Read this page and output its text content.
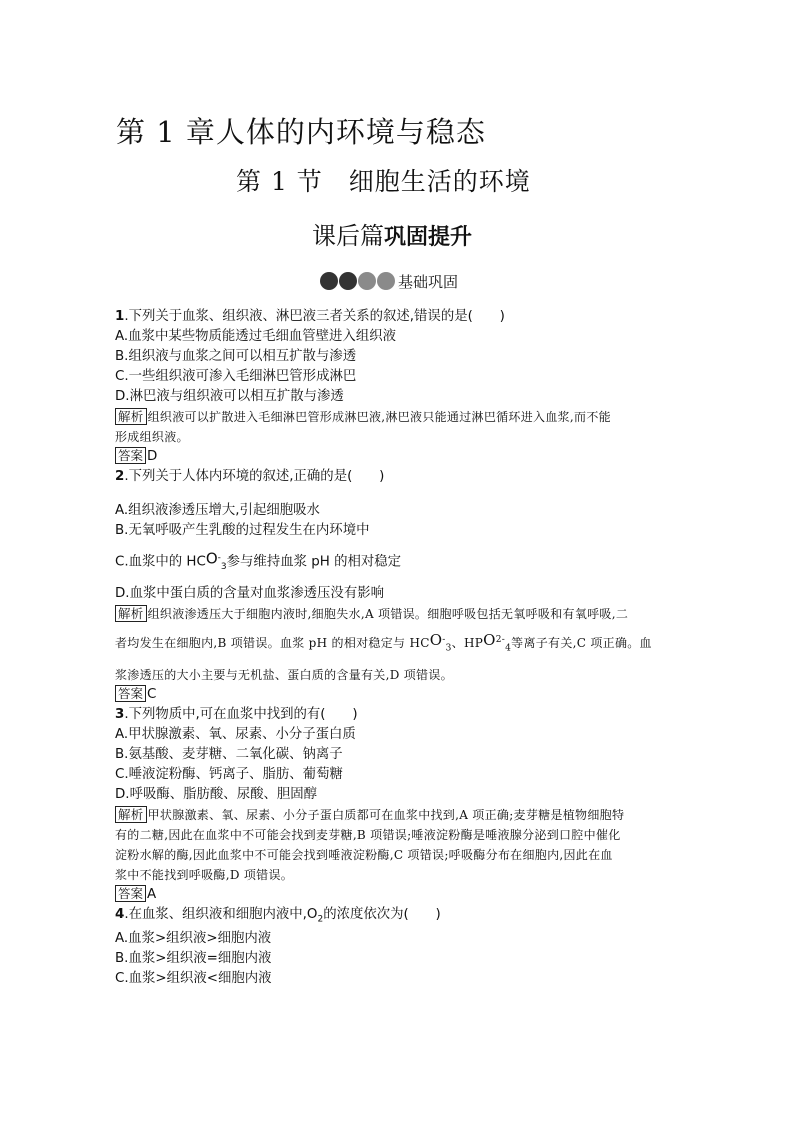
第 1 章人体的内环境与稳态
第 1 节　细胞生活的环境
课后篇巩固提升
基础巩固
1.下列关于血浆、组织液、淋巴液三者关系的叙述,错误的是(　　)
A.血浆中某些物质能透过毛细血管壁进入组织液
B.组织液与血浆之间可以相互扩散与渗透
C.一些组织液可渗入毛细淋巴管形成淋巴
D.淋巴液与组织液可以相互扩散与渗透
解析 组织液可以扩散进入毛细淋巴管形成淋巴液,淋巴液只能通过淋巴循环进入血浆,而不能
形成组织液。
答案 D
2.下列关于人体内环境的叙述,正确的是(　　)
A.组织液渗透压增大,引起细胞吸水
B.无氧呼吸产生乳酸的过程发生在内环境中
C.血浆中的 $HCO^-_3$参与维持血浆 pH 的相对稳定
D.血浆中蛋白质的含量对血浆渗透压没有影响
解析 组织液渗透压大于细胞内液时,细胞失水,A 项错误。细胞呼吸包括无氧呼吸和有氧呼吸,二
者均发生在细胞内,B 项错误。血浆 pH 的相对稳定与 $HCO^-_3$、$HPO^{2-}_4$等离子有关,C 项正确。血
浆渗透压的大小主要与无机盐、蛋白质的含量有关,D 项错误。
答案 C
3.下列物质中,可在血浆中找到的有(　　)
A.甲状腺激素、氧、尿素、小分子蛋白质
B.氨基酸、麦芽糖、二氧化碳、钠离子
C.唾液淀粉酶、钙离子、脂肪、葡萄糖
D.呼吸酶、脂肪酸、尿酸、胆固醇
解析 甲状腺激素、氧、尿素、小分子蛋白质都可在血浆中找到,A 项正确;麦芽糖是植物细胞特
有的二糖,因此在血浆中不可能会找到麦芽糖,B 项错误;唾液淀粉酶是唾液腺分泌到口腔中催化
淀粉水解的酶,因此血浆中不可能会找到唾液淀粉酶,C 项错误;呼吸酶分布在细胞内,因此在血
浆中不能找到呼吸酶,D 项错误。
答案 A
4.在血浆、组织液和细胞内液中$,O_2$的浓度依次为(　　)
A.血浆>组织液>细胞内液
B.血浆>组织液=细胞内液
C.血浆>组织液<细胞内液
